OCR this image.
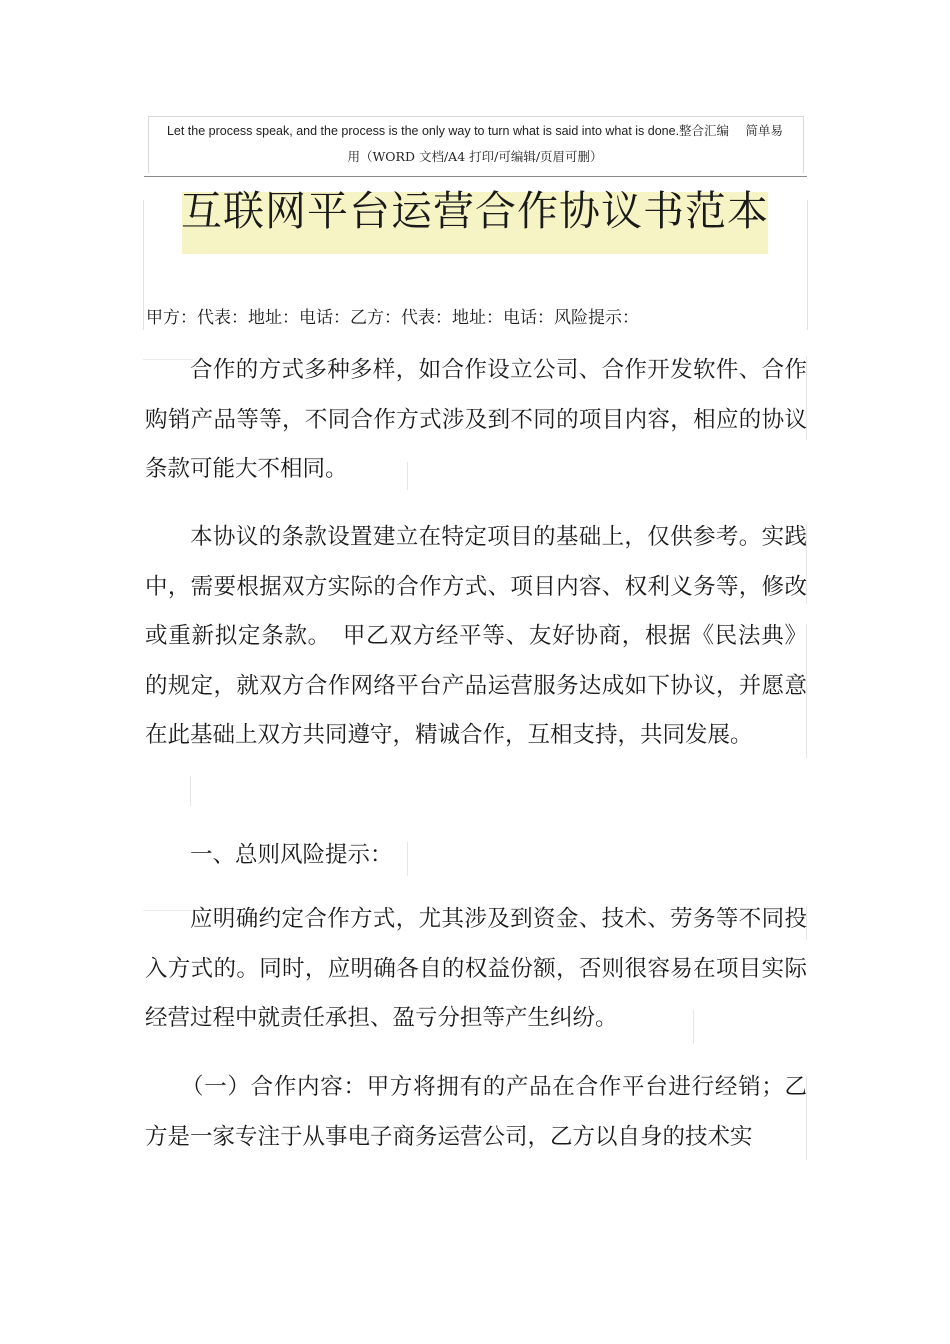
Let the process speak, and the process is the only way to turn what is said into what is done.整合汇编　 简单易
用（WORD 文档/A4 打印/可编辑/页眉可删）
互联网平台运营合作协议书范本
甲方：代表：地址：电话：乙方：代表：地址：电话：风险提示：

合作的方式多种多样，如合作设立公司、合作开发软件、合作购销产品等等，不同合作方式涉及到不同的项目内容，相应的协议条款可能大不相同。

本协议的条款设置建立在特定项目的基础上，仅供参考。实践中，需要根据双方实际的合作方式、项目内容、权利义务等，修改或重新拟定条款。　甲乙双方经平等、友好协商，根据《民法典》的规定，就双方合作网络平台产品运营服务达成如下协议，并愿意在此基础上双方共同遵守，精诚合作，互相支持，共同发展。

一、总则风险提示：

应明确约定合作方式，尤其涉及到资金、技术、劳务等不同投入方式的。同时，应明确各自的权益份额，否则很容易在项目实际经营过程中就责任承担、盈亏分担等产生纠纷。

（一）合作内容：甲方将拥有的产品在合作平台进行经销；乙方是一家专注于从事电子商务运营公司，乙方以自身的技术实
